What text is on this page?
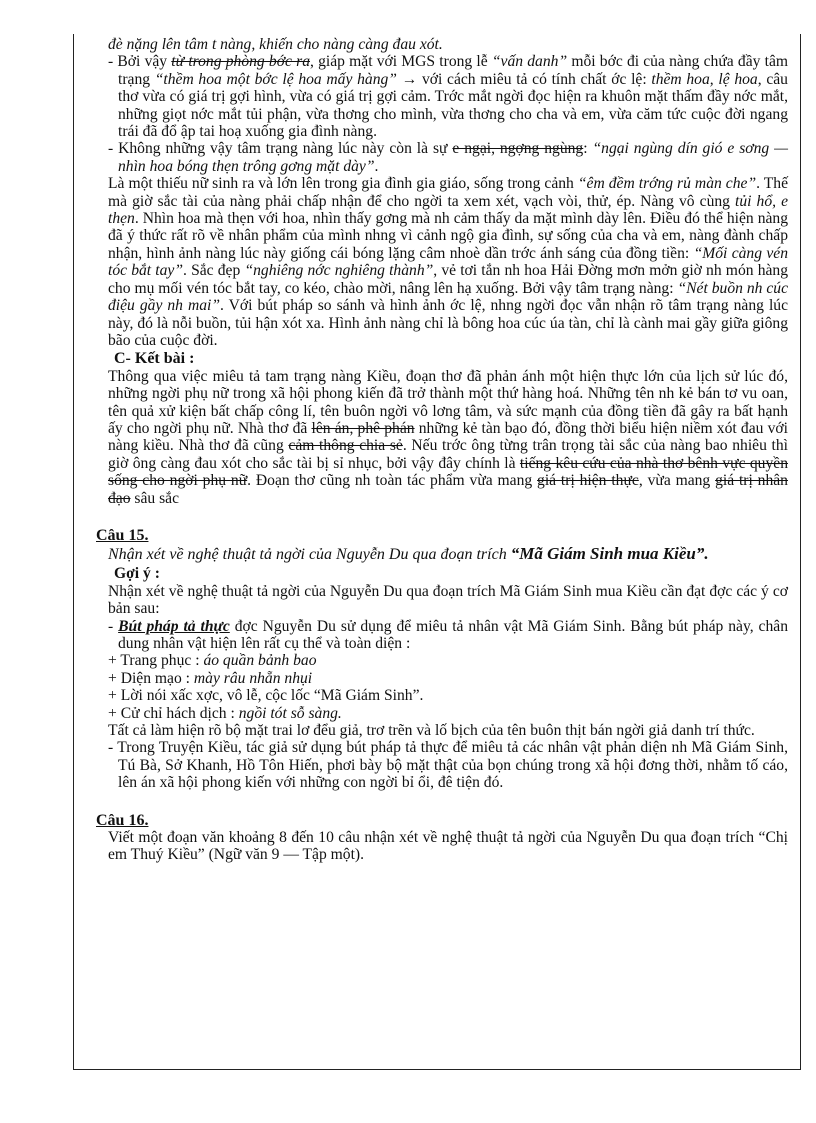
đè nặng lên tâm t nàng, khiến cho nàng càng đau xót.

- Bởi vậy từ trong phòng bớc ra, giáp mặt với MGS trong lễ “vấn danh” mỗi bớc đi của nàng chứa đầy tâm trạng “thềm hoa một bớc lệ hoa mấy hàng” → với cách miêu tả có tính chất ớc lệ: thềm hoa, lệ hoa, câu thơ vừa có giá trị gợi hình, vừa có giá trị gợi cảm. Trớc mắt ngời đọc hiện ra khuôn mặt thấm đầy nớc mắt, những giọt nớc mắt tủi phận, vừa thơng cho mình, vừa thơng cho cha và em, vừa căm tức cuộc đời ngang trái đã đổ ập tai hoạ xuống gia đình nàng.

- Không những vậy tâm trạng nàng lúc này còn là sự e ngại, ngợng ngùng: “ngại ngùng dín gió e sơng — nhìn hoa bóng thẹn trông gơng mặt dày”.

Là một thiếu nữ sinh ra và lớn lên trong gia đình gia giáo, sống trong cảnh “êm đềm trớng rủ màn che”. Thế mà giờ sắc tài của nàng phải chấp nhận để cho ngời ta xem xét, vạch vòi, thử, ép. Nàng vô cùng tủi hổ, e thẹn. Nhìn hoa mà thẹn với hoa, nhìn thấy gơng mà nh cảm thấy da mặt mình dày lên. Điều đó thể hiện nàng đã ý thức rất rõ về nhân phẩm của mình nhng vì cảnh ngộ gia đình, sự sống của cha và em, nàng đành chấp nhận, hình ảnh nàng lúc này giống cái bóng lặng câm nhoè dần trớc ánh sáng của đồng tiền: “Mối càng vén tóc bắt tay”. Sắc đẹp “nghiêng nớc nghiêng thành”, vẻ tơi tắn nh hoa Hải Đờng mơn mởn giờ nh món hàng cho mụ mối vén tóc bắt tay, co kéo, chào mời, nâng lên hạ xuống. Bởi vậy tâm trạng nàng: “Nét buồn nh cúc điệu gầy nh mai”. Với bút pháp so sánh và hình ảnh ớc lệ, nhng ngời đọc vẫn nhận rõ tâm trạng nàng lúc này, đó là nỗi buồn, tủi hận xót xa. Hình ảnh nàng chỉ là bông hoa cúc úa tàn, chỉ là cành mai gầy giữa giông bão của cuộc đời.

C- Kết bài :

Thông qua việc miêu tả tam trạng nàng Kiều, đoạn thơ đã phản ánh một hiện thực lớn của lịch sử lúc đó, những ngời phụ nữ trong xã hội phong kiến đã trở thành một thứ hàng hoá. Những tên nh kẻ bán tơ vu oan, tên quả xử kiện bất chấp công lí, tên buôn ngời vô lơng tâm, và sức mạnh của đồng tiền đã gây ra bất hạnh ấy cho ngời phụ nữ. Nhà thơ đã lên án, phê phán những kẻ tàn bạo đó, đồng thời biểu hiện niềm xót đau với nàng kiều. Nhà thơ đã cũng cảm thông chia sẻ. Nếu trớc ông từng trân trọng tài sắc của nàng bao nhiêu thì giờ ông càng đau xót cho sắc tài bị sỉ nhục, bởi vậy đây chính là tiếng kêu cứu của nhà thơ bênh vực quyền sống cho ngời phụ nữ. Đoạn thơ cũng nh toàn tác phẩm vừa mang giá trị hiện thực, vừa mang giá trị nhân đạo sâu sắc

Câu 15.

Nhận xét về nghệ thuật tả ngời của Nguyễn Du qua đoạn trích “Mã Giám Sinh mua Kiều”.

Gợi ý :

Nhận xét về nghệ thuật tả ngời của Nguyễn Du qua đoạn trích Mã Giám Sinh mua Kiều cần đạt đợc các ý cơ bản sau:

- Bút pháp tả thực đợc Nguyễn Du sử dụng để miêu tả nhân vật Mã Giám Sinh. Bằng bút pháp này, chân dung nhân vật hiện lên rất cụ thể và toàn diện :

+ Trang phục : áo quần bảnh bao

+ Diện mạo : mày râu nhẵn nhụi

+ Lời nói xấc xợc, vô lễ, cộc lốc “Mã Giám Sinh”.

+ Cử chỉ hách dịch : ngồi tót sỗ sàng.

Tất cả làm hiện rõ bộ mặt trai lơ đểu giả, trơ trẽn và lố bịch của tên buôn thịt bán ngời giả danh trí thức.

- Trong Truyện Kiều, tác giả sử dụng bút pháp tả thực để miêu tả các nhân vật phản diện nh Mã Giám Sinh, Tú Bà, Sở Khanh, Hồ Tôn Hiến, phơi bày bộ mặt thật của bọn chúng trong xã hội đơng thời, nhằm tố cáo, lên án xã hội phong kiến với những con ngời bỉ ổi, đê tiện đó.

Câu 16.

Viết một đoạn văn khoảng 8 đến 10 câu nhận xét về nghệ thuật tả ngời của Nguyễn Du qua đoạn trích “Chị em Thuý Kiều” (Ngữ văn 9 — Tập một).
